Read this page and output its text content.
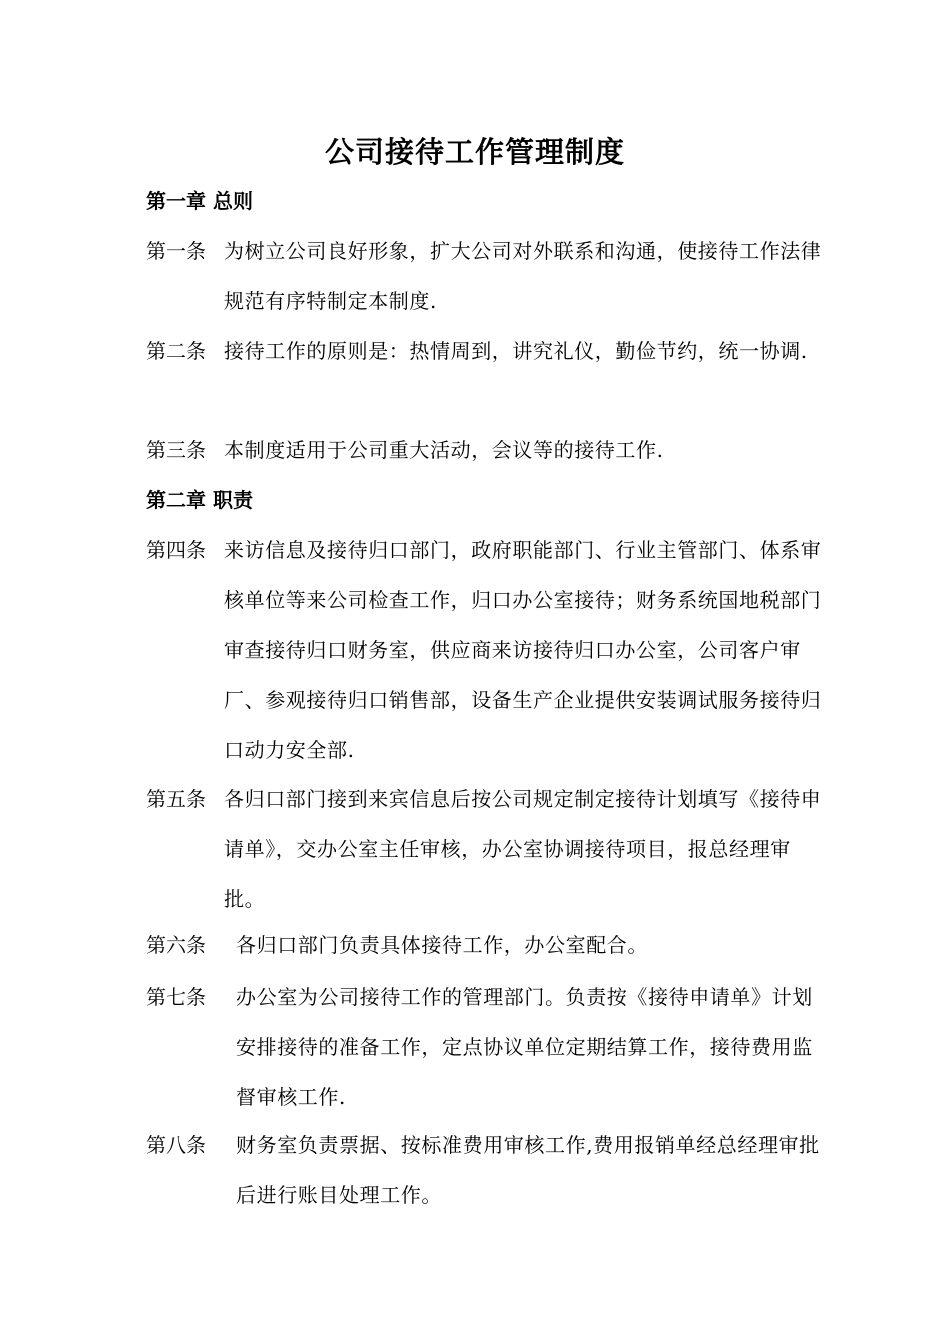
公司接待工作管理制度
第一章 总则
第一条 为树立公司良好形象，扩大公司对外联系和沟通，使接待工作法律规范有序特制定本制度.
第二条 接待工作的原则是：热情周到，讲究礼仪，勤俭节约，统一协调.
第三条 本制度适用于公司重大活动，会议等的接待工作.
第二章 职责
第四条 来访信息及接待归口部门，政府职能部门、行业主管部门、体系审核单位等来公司检查工作，归口办公室接待；财务系统国地税部门审查接待归口财务室，供应商来访接待归口办公室，公司客户审厂、参观接待归口销售部，设备生产企业提供安装调试服务接待归口动力安全部.
第五条 各归口部门接到来宾信息后按公司规定制定接待计划填写《接待申请单》，交办公室主任审核，办公室协调接待项目，报总经理审批。
第六条 各归口部门负责具体接待工作，办公室配合。
第七条 办公室为公司接待工作的管理部门。负责按《接待申请单》计划安排接待的准备工作，定点协议单位定期结算工作，接待费用监督审核工作.
第八条 财务室负责票据、按标准费用审核工作,费用报销单经总经理审批后进行账目处理工作。
